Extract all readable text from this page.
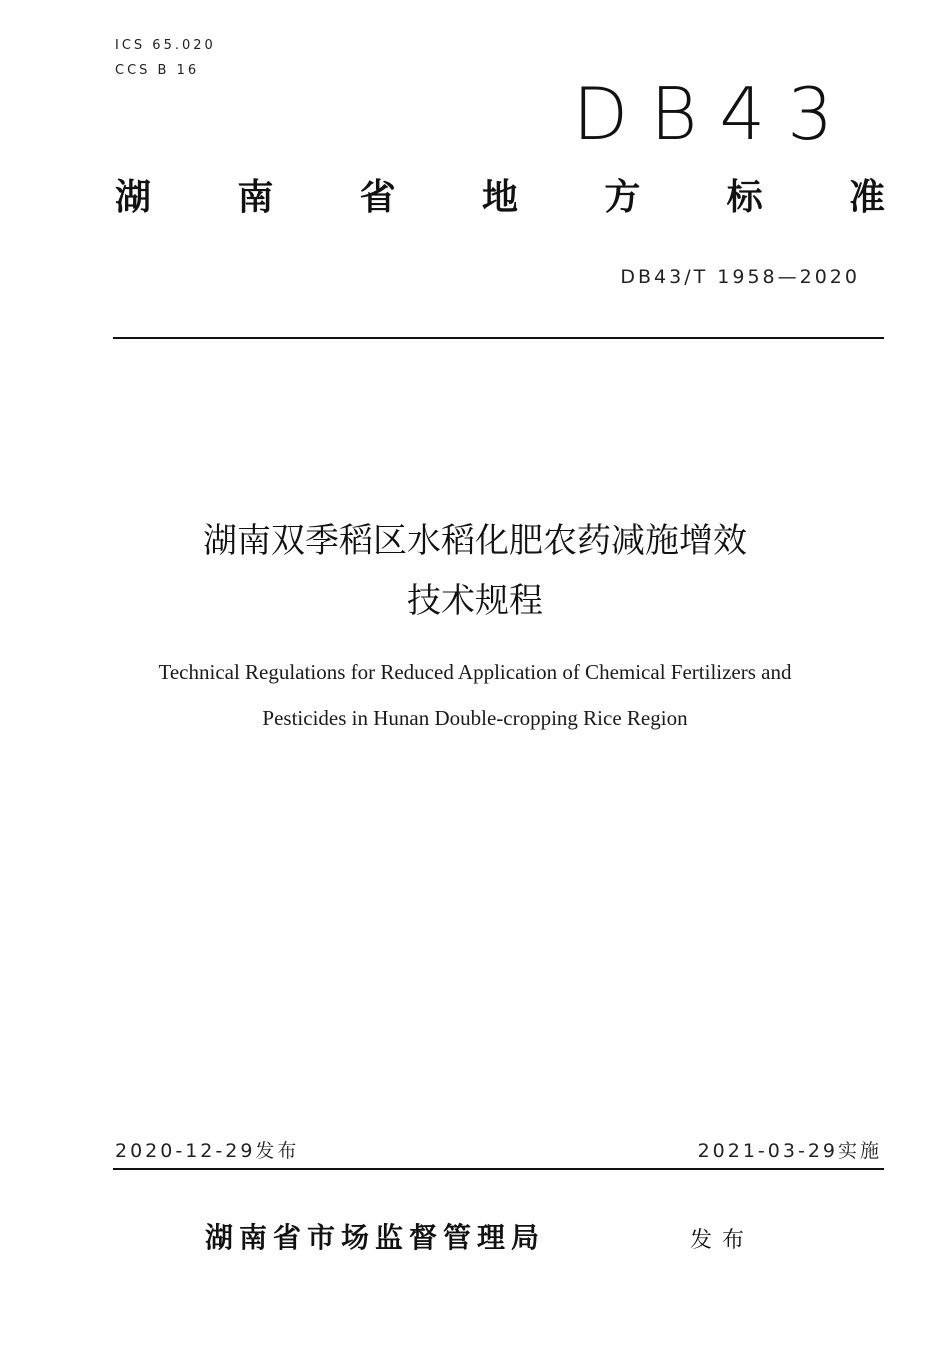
ICS 65.020
CCS B 16
DB43
湖 南 省 地 方 标 准
DB43/T 1958—2020
湖南双季稻区水稻化肥农药减施增效
技术规程
Technical Regulations for Reduced Application of Chemical Fertilizers and
Pesticides in Hunan Double-cropping Rice Region
2020-12-29发布	2021-03-29实施
湖南省市场监督管理局	发布
